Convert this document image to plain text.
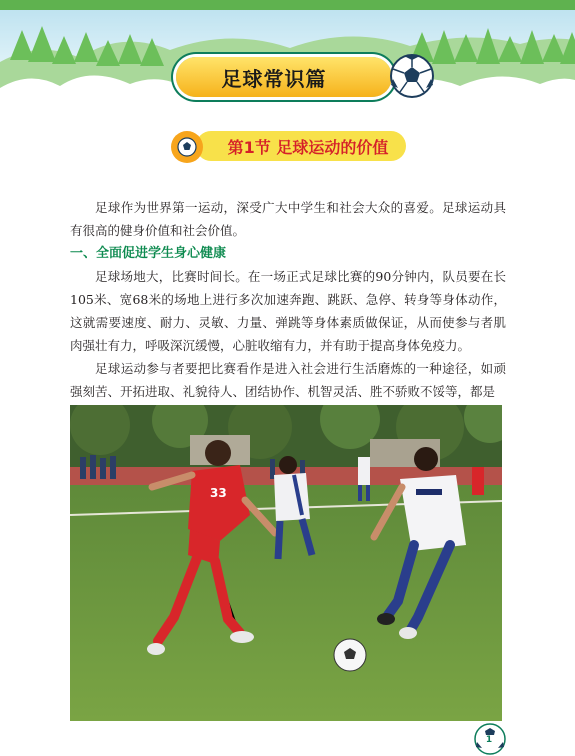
足球常识篇
第1节 足球运动的价值

足球作为世界第一运动，深受广大中学生和社会大众的喜爱。足球运动具有很高的健身价值和社会价值。

一、全面促进学生身心健康

足球场地大，比赛时间长。在一场正式足球比赛的90分钟内，队员要在长105米、宽68米的场地上进行多次加速奔跑、跳跃、急停、转身等身体动作，这就需要速度、耐力、灵敏、力量、弹跳等身体素质做保证，从而使参与者肌肉强壮有力，呼吸深沉缓慢，心脏收缩有力，并有助于提高身体免疫力。

足球运动参与者要把比赛看作是进入社会进行生活磨炼的一种途径，如顽强刻苦、开拓进取、礼貌待人、团结协作、机智灵活、胜不骄败不馁等，都是

33
1
